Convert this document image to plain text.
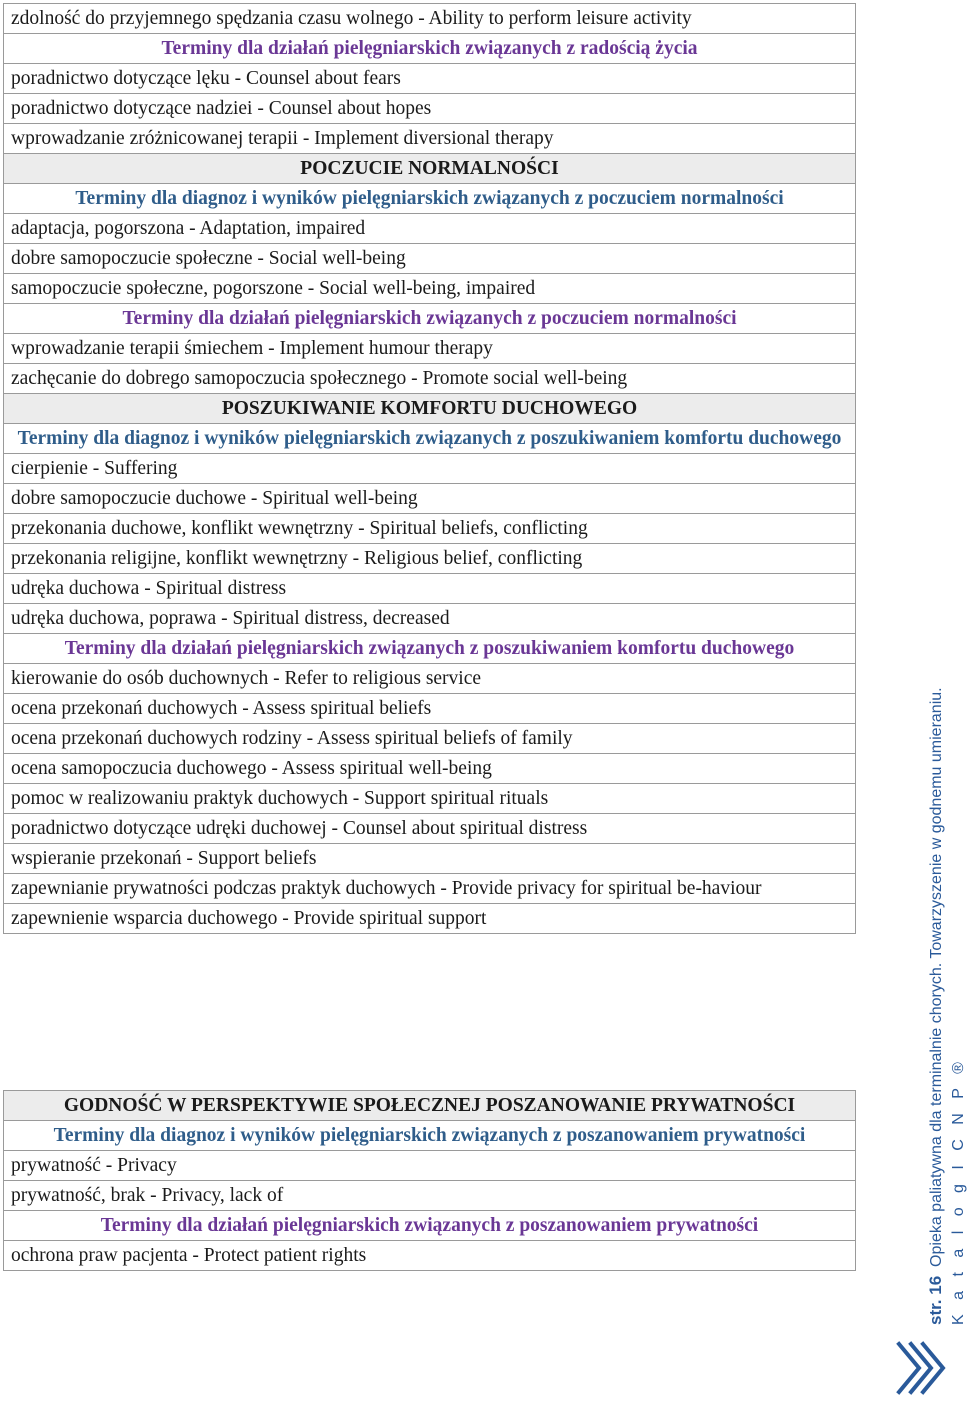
zdolność do przyjemnego spędzania czasu wolnego - Ability to perform leisure activity
Terminy dla działań pielęgniarskich związanych z radością życia
poradnictwo dotyczące lęku - Counsel about fears
poradnictwo dotyczące nadziei - Counsel about hopes
wprowadzanie zróżnicowanej terapii - Implement diversional therapy
POCZUCIE NORMALNOŚCI
Terminy dla diagnoz i wyników pielęgniarskich związanych z poczuciem normalności
adaptacja, pogorszona - Adaptation, impaired
dobre samopoczucie społeczne - Social well-being
samopoczucie społeczne, pogorszone - Social well-being, impaired
Terminy dla działań pielęgniarskich związanych z poczuciem normalności
wprowadzanie terapii śmiechem - Implement humour therapy
zachęcanie do dobrego samopoczucia społecznego - Promote social well-being
POSZUKIWANIE KOMFORTU DUCHOWEGO
Terminy dla diagnoz i wyników pielęgniarskich związanych z poszukiwaniem komfortu duchowego
cierpienie - Suffering
dobre samopoczucie duchowe - Spiritual well-being
przekonania duchowe, konflikt wewnętrzny - Spiritual beliefs, conflicting
przekonania religijne, konflikt wewnętrzny - Religious belief, conflicting
udręka duchowa - Spiritual distress
udręka duchowa, poprawa - Spiritual distress, decreased
Terminy dla działań pielęgniarskich związanych z poszukiwaniem komfortu duchowego
kierowanie do osób duchownych - Refer to religious service
ocena przekonań duchowych - Assess spiritual beliefs
ocena przekonań duchowych rodziny - Assess spiritual beliefs of family
ocena samopoczucia duchowego - Assess spiritual well-being
pomoc w realizowaniu praktyk duchowych - Support spiritual rituals
poradnictwo dotyczące udręki duchowej - Counsel about spiritual distress
wspieranie przekonań - Support beliefs
zapewnianie prywatności podczas praktyk duchowych - Provide privacy for spiritual be-haviour
zapewnienie wsparcia duchowego - Provide spiritual support
GODNOŚĆ W PERSPEKTYWIE SPOŁECZNEJ POSZANOWANIE PRYWATNOŚCI
Terminy dla diagnoz i wyników pielęgniarskich związanych z poszanowaniem prywatności
prywatność - Privacy
prywatność, brak - Privacy, lack of
Terminy dla działań pielęgniarskich związanych z poszanowaniem prywatności
ochrona praw pacjenta - Protect patient rights
str. 16  Opieka paliatywna dla terminalnie chorych. Towarzyszenie w godnemu umieraniu. K a t a l o g I C N P ®
